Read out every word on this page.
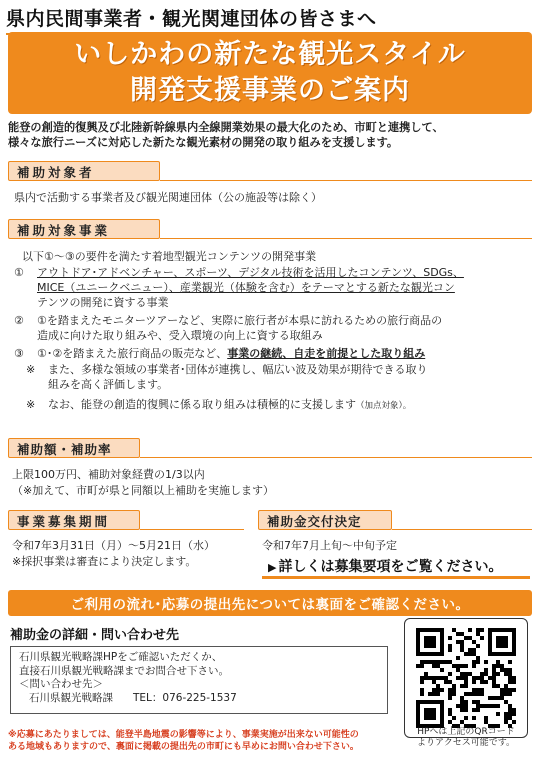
県内民間事業者・観光関連団体の皆さまへ
いしかわの新たな観光スタイル
開発支援事業のご案内
能登の創造的復興及び北陸新幹線県内全線開業効果の最大化のため、市町と連携して、
様々な旅行ニーズに対応した新たな観光素材の開発の取り組みを支援します。
補助対象者
県内で活動する事業者及び観光関連団体（公の施設等は除く）
補助対象事業
以下①～③の要件を満たす着地型観光コンテンツの開発事業
① アウトドア･アドベンチャー、スポーツ、デジタル技術を活用したコンテンツ、SDGs、
MICE（ユニークベニュー）、産業観光（体験を含む）をテーマとする新たな観光コン
テンツの開発に資する事業
② ①を踏まえたモニターツアーなど、実際に旅行者が本県に訪れるための旅行商品の
造成に向けた取り組みや、受入環境の向上に資する取組み
③ ①･②を踏まえた旅行商品の販売など、事業の継続、自走を前提とした取り組み
※ また、多様な領域の事業者･団体が連携し、幅広い波及効果が期待できる取り
組みを高く評価します。
※ なお、能登の創造的復興に係る取り組みは積極的に支援します（加点対象）。
補助額・補助率
上限100万円、補助対象経費の1/3以内
（※加えて、市町が県と同額以上補助を実施します）
事業募集期間
令和7年3月31日（月）～5月21日（水）
※採択事業は審査により決定します。
補助金交付決定
令和7年7月上旬～中旬予定
▶ 詳しくは募集要項をご覧ください。
ご利用の流れ･応募の提出先については裏面をご確認ください。
補助金の詳細・問い合わせ先
石川県観光戦略課HPをご確認いただくか、
直接石川県観光戦略課までお問合せ下さい。
＜問い合わせ先＞
石川県観光戦略課 TEL：076-225-1537
HPへは上記のQRコード
よりアクセス可能です。
※応募にあたりましては、能登半島地震の影響等により、事業実施が出来ない可能性の
ある地域もありますので、裏面に掲載の提出先の市町にも早めにお問い合わせ下さい。
